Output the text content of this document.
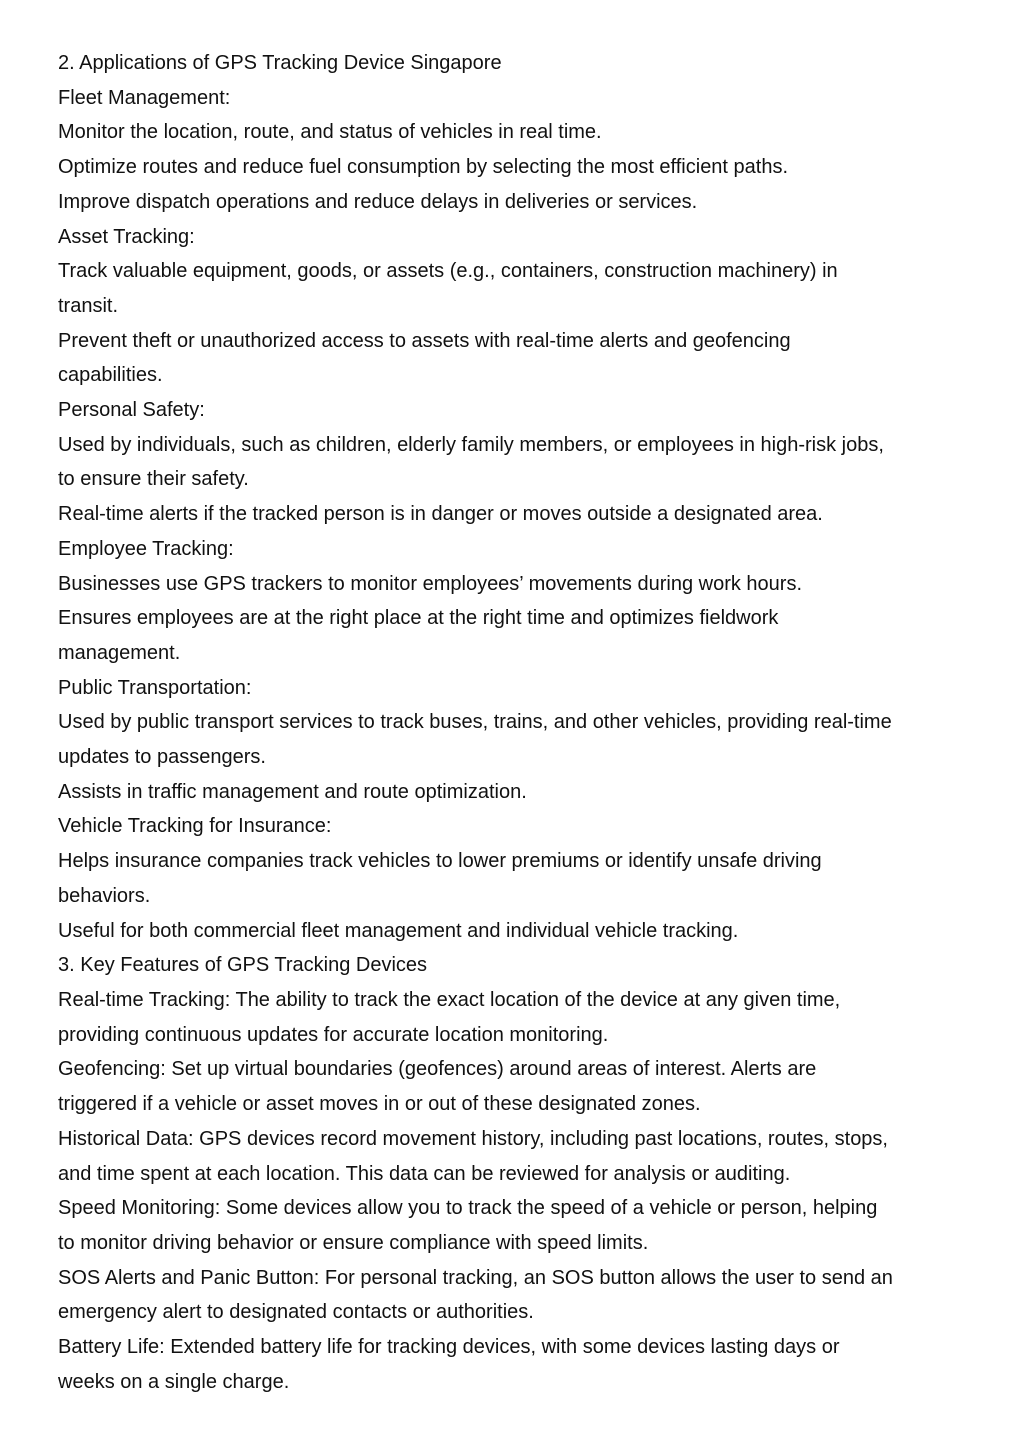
2. Applications of GPS Tracking Device Singapore

Fleet Management:

Monitor the location, route, and status of vehicles in real time.

Optimize routes and reduce fuel consumption by selecting the most efficient paths.

Improve dispatch operations and reduce delays in deliveries or services.

Asset Tracking:

Track valuable equipment, goods, or assets (e.g., containers, construction machinery) in

transit.

Prevent theft or unauthorized access to assets with real-time alerts and geofencing

capabilities.

Personal Safety:

Used by individuals, such as children, elderly family members, or employees in high-risk jobs,

to ensure their safety.

Real-time alerts if the tracked person is in danger or moves outside a designated area.

Employee Tracking:

Businesses use GPS trackers to monitor employees’ movements during work hours.

Ensures employees are at the right place at the right time and optimizes fieldwork

management.

Public Transportation:

Used by public transport services to track buses, trains, and other vehicles, providing real-time

updates to passengers.

Assists in traffic management and route optimization.

Vehicle Tracking for Insurance:

Helps insurance companies track vehicles to lower premiums or identify unsafe driving

behaviors.

Useful for both commercial fleet management and individual vehicle tracking.

3. Key Features of GPS Tracking Devices

Real-time Tracking: The ability to track the exact location of the device at any given time,

providing continuous updates for accurate location monitoring.

Geofencing: Set up virtual boundaries (geofences) around areas of interest. Alerts are

triggered if a vehicle or asset moves in or out of these designated zones.

Historical Data: GPS devices record movement history, including past locations, routes, stops,

and time spent at each location. This data can be reviewed for analysis or auditing.

Speed Monitoring: Some devices allow you to track the speed of a vehicle or person, helping

to monitor driving behavior or ensure compliance with speed limits.

SOS Alerts and Panic Button: For personal tracking, an SOS button allows the user to send an

emergency alert to designated contacts or authorities.

Battery Life: Extended battery life for tracking devices, with some devices lasting days or

weeks on a single charge.
